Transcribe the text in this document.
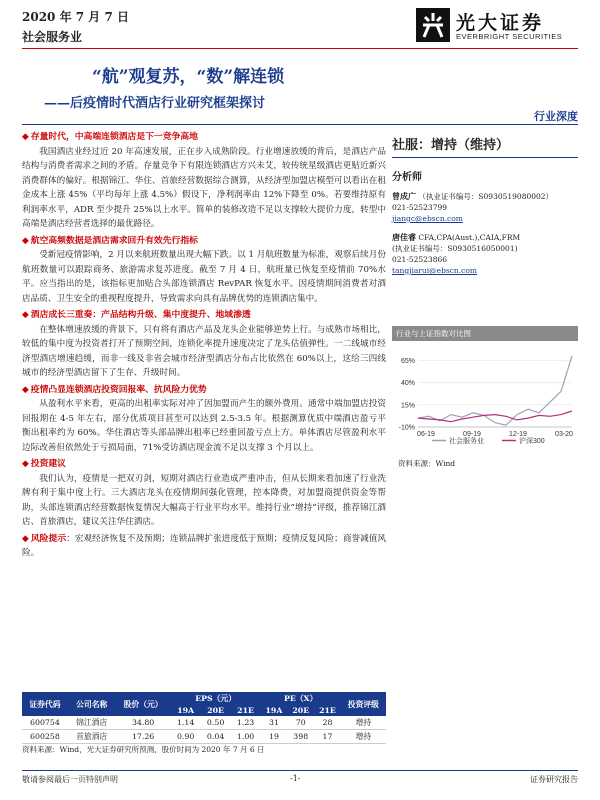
2020 年 7 月 7 日
社会服务业
光大证券
EVERBRIGHT SECURITIES
“航”观复苏，“数”解连锁
——后疫情时代酒店行业研究框架探讨
行业深度
◆ 存量时代，中高端连锁酒店是下一竞争高地

我国酒店业经过近 20 年高速发展，正在步入成熟阶段。行业增速放缓的背后，是酒店产品结构与消费者需求之间的矛盾。存量竞争下有限连锁酒店方兴未艾，较传统星级酒店更贴近新兴消费群体的偏好。根据锦江、华住、首旅经营数据综合测算，从经济型加盟店模型可以看出在租金成本上涨 45%（平均每年上涨 4.5%）假设下，净利润率由 12%下降至 0%。若要维持原有利润率水平，ADR 至少提升 25%以上水平。简单的装修改造不足以支撑较大提价力度，转型中高端是酒店经营者选择的最优路径。

◆ 航空高频数据是酒店需求回升有效先行指标

受新冠疫情影响，2 月以来航班数量出现大幅下跌。以 1 月航班数量为标准，观察后续月份航班数量可以跟踪商务、旅游需求复苏进度。截至 7 月 4 日，航班量已恢复至疫情前 70%水平。应当指出的是，该指标更加贴合头部连锁酒店 RevPAR 恢复水平。因疫情期间消费者对酒店品质、卫生安全的重视程度提升，导致需求向具有品牌优势的连锁酒店集中。

◆ 酒店成长三重奏：产品结构升级、集中度提升、地域渗透

在整体增速放缓的背景下，只有将有酒店产品及龙头企业能够逆势上行。与成熟市场相比，较低的集中度为投资者打开了预期空间，连锁化率提升速度决定了龙头估值弹性。一二线城市经济型酒店增速趋缓，而非一线及非省会城市经济型酒店分布占比依然在 60%以上，这给三四线城市的经济型酒店留下了生存、升级时间。

◆ 疫情凸显连锁酒店投资回报率、抗风险力优势

从盈利水平来看，更高的出租率实际对冲了因加盟而产生的额外费用。通常中端加盟店投资回报期在 4-5 年左右，部分优质项目甚至可以达到 2.5-3.5 年。根据测算优质中端酒店盈亏平衡出租率约为 60%。华住酒店等头部品牌出租率已经重回盈亏点上方。单体酒店尽管盈利水平边际改善但依然处于亏损局面，71%受访酒店现金流不足以支撑 3 个月以上。

◆ 投资建议

我们认为，疫情是一把双刃剑，短期对酒店行业造成严重冲击，但从长期来看加速了行业洗牌有利于集中度上行。三大酒店龙头在疫情期间强化管理，控本降费，对加盟商提供资金等帮助，头部连锁酒店经营数据恢复情况大幅高于行业平均水平。维持行业“增持”评级，推荐锦江酒店、首旅酒店，建议关注华住酒店。

◆ 风险提示：宏观经济恢复不及预期；连锁品牌扩张进度低于预期；疫情反复风险；商誉减值风险。
社服：增持（维持）
分析师
曾成广 （执业证书编号：S0930519080002）
021-52523799
jiangc@ebscn.com
唐佳睿 CFA,CPA(Aust.),CAIA,FRM
(执业证书编号：S0930516050001)
021-52523866
tangjiarui@ebscn.com
行业与上证指数对比图
-10%
15%
40%
65%
06-19	09-19	12-19	03-20
社会服务业	沪深300
资料来源：Wind
证券代码	公司名称	股价（元）	EPS（元）			PE（X）			投资评级
			19A	20E	21E	19A	20E	21E	
600754	锦江酒店	34.80	1.14	0.50	1.23	31	70	28	增持
600258	首旅酒店	17.26	0.90	0.04	1.00	19	398	17	增持
资料来源：Wind，光大证券研究所预测，股价时间为 2020 年 7 月 6 日
敬请参阅最后一页特别声明	-1-	证券研究报告
